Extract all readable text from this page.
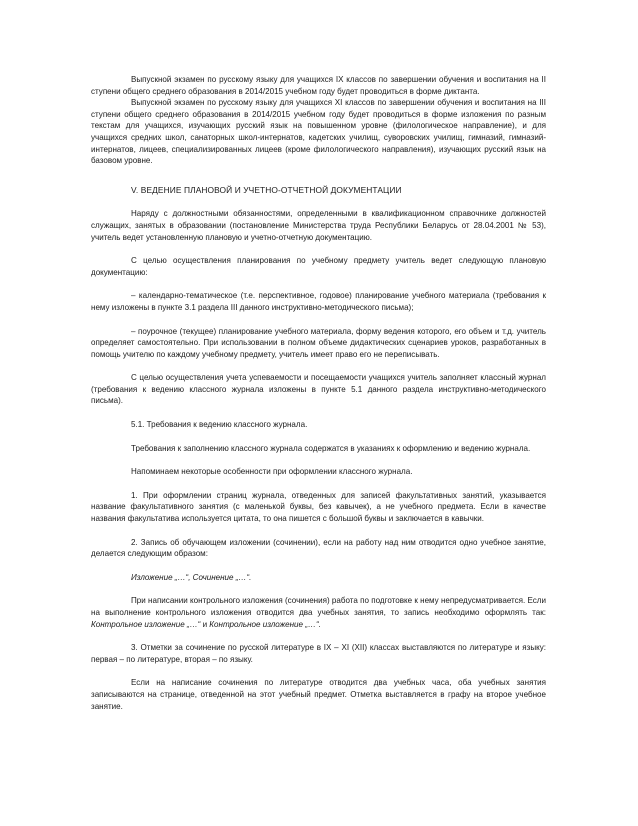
Выпускной экзамен по русскому языку для учащихся IX классов по завершении обучения и воспитания на II ступени общего среднего образования в 2014/2015 учебном году будет проводиться в форме диктанта.

Выпускной экзамен по русскому языку для учащихся XI классов по завершении обучения и воспитания на III ступени общего среднего образования в 2014/2015 учебном году будет проводиться в форме изложения по разным текстам для учащихся, изучающих русский язык на повышенном уровне (филологическое направление), и для учащихся средних школ, санаторных школ-интернатов, кадетских училищ, суворовских училищ, гимназий, гимназий-интернатов, лицеев, специализированных лицеев (кроме филологического направления), изучающих русский язык на базовом уровне.

V. ВЕДЕНИЕ ПЛАНОВОЙ И УЧЕТНО-ОТЧЕТНОЙ ДОКУМЕНТАЦИИ

Наряду с должностными обязанностями, определенными в квалификационном справочнике должностей служащих, занятых в образовании (постановление Министерства труда Республики Беларусь от 28.04.2001 № 53), учитель ведет установленную плановую и учетно-отчетную документацию.

С целью осуществления планирования по учебному предмету учитель ведет следующую плановую документацию:

– календарно-тематическое (т.е. перспективное, годовое) планирование учебного материала (требования к нему изложены в пункте 3.1 раздела III данного инструктивно-методического письма);

– поурочное (текущее) планирование учебного материала, форму ведения которого, его объем и т.д. учитель определяет самостоятельно. При использовании в полном объеме дидактических сценариев уроков, разработанных в помощь учителю по каждому учебному предмету, учитель имеет право его не переписывать.

С целью осуществления учета успеваемости и посещаемости учащихся учитель заполняет классный журнал (требования к ведению классного журнала изложены в пункте 5.1 данного раздела инструктивно-методического письма).

5.1. Требования к ведению классного журнала.

Требования к заполнению классного журнала содержатся в указаниях к оформлению и ведению журнала.

Напоминаем некоторые особенности при оформлении классного журнала.

1. При оформлении страниц журнала, отведенных для записей факультативных занятий, указывается название факультативного занятия (с маленькой буквы, без кавычек), а не учебного предмета. Если в качестве названия факультатива используется цитата, то она пишется с большой буквы и заключается в кавычки.

2. Запись об обучающем изложении (сочинении), если на работу над ним отводится одно учебное занятие, делается следующим образом:

Изложение „…“, Сочинение „…“.

При написании контрольного изложения (сочинения) работа по подготовке к нему непредусматривается. Если на выполнение контрольного изложения отводится два учебных занятия, то запись необходимо оформлять так: Контрольное изложение „…“ и Контрольное изложение „…“.

3. Отметки за сочинение по русской литературе в IX – XI (XII) классах выставляются по литературе и языку: первая – по литературе, вторая – по языку.

Если на написание сочинения по литературе отводится два учебных часа, оба учебных занятия записываются на странице, отведенной на этот учебный предмет. Отметка выставляется в графу на второе учебное занятие.
